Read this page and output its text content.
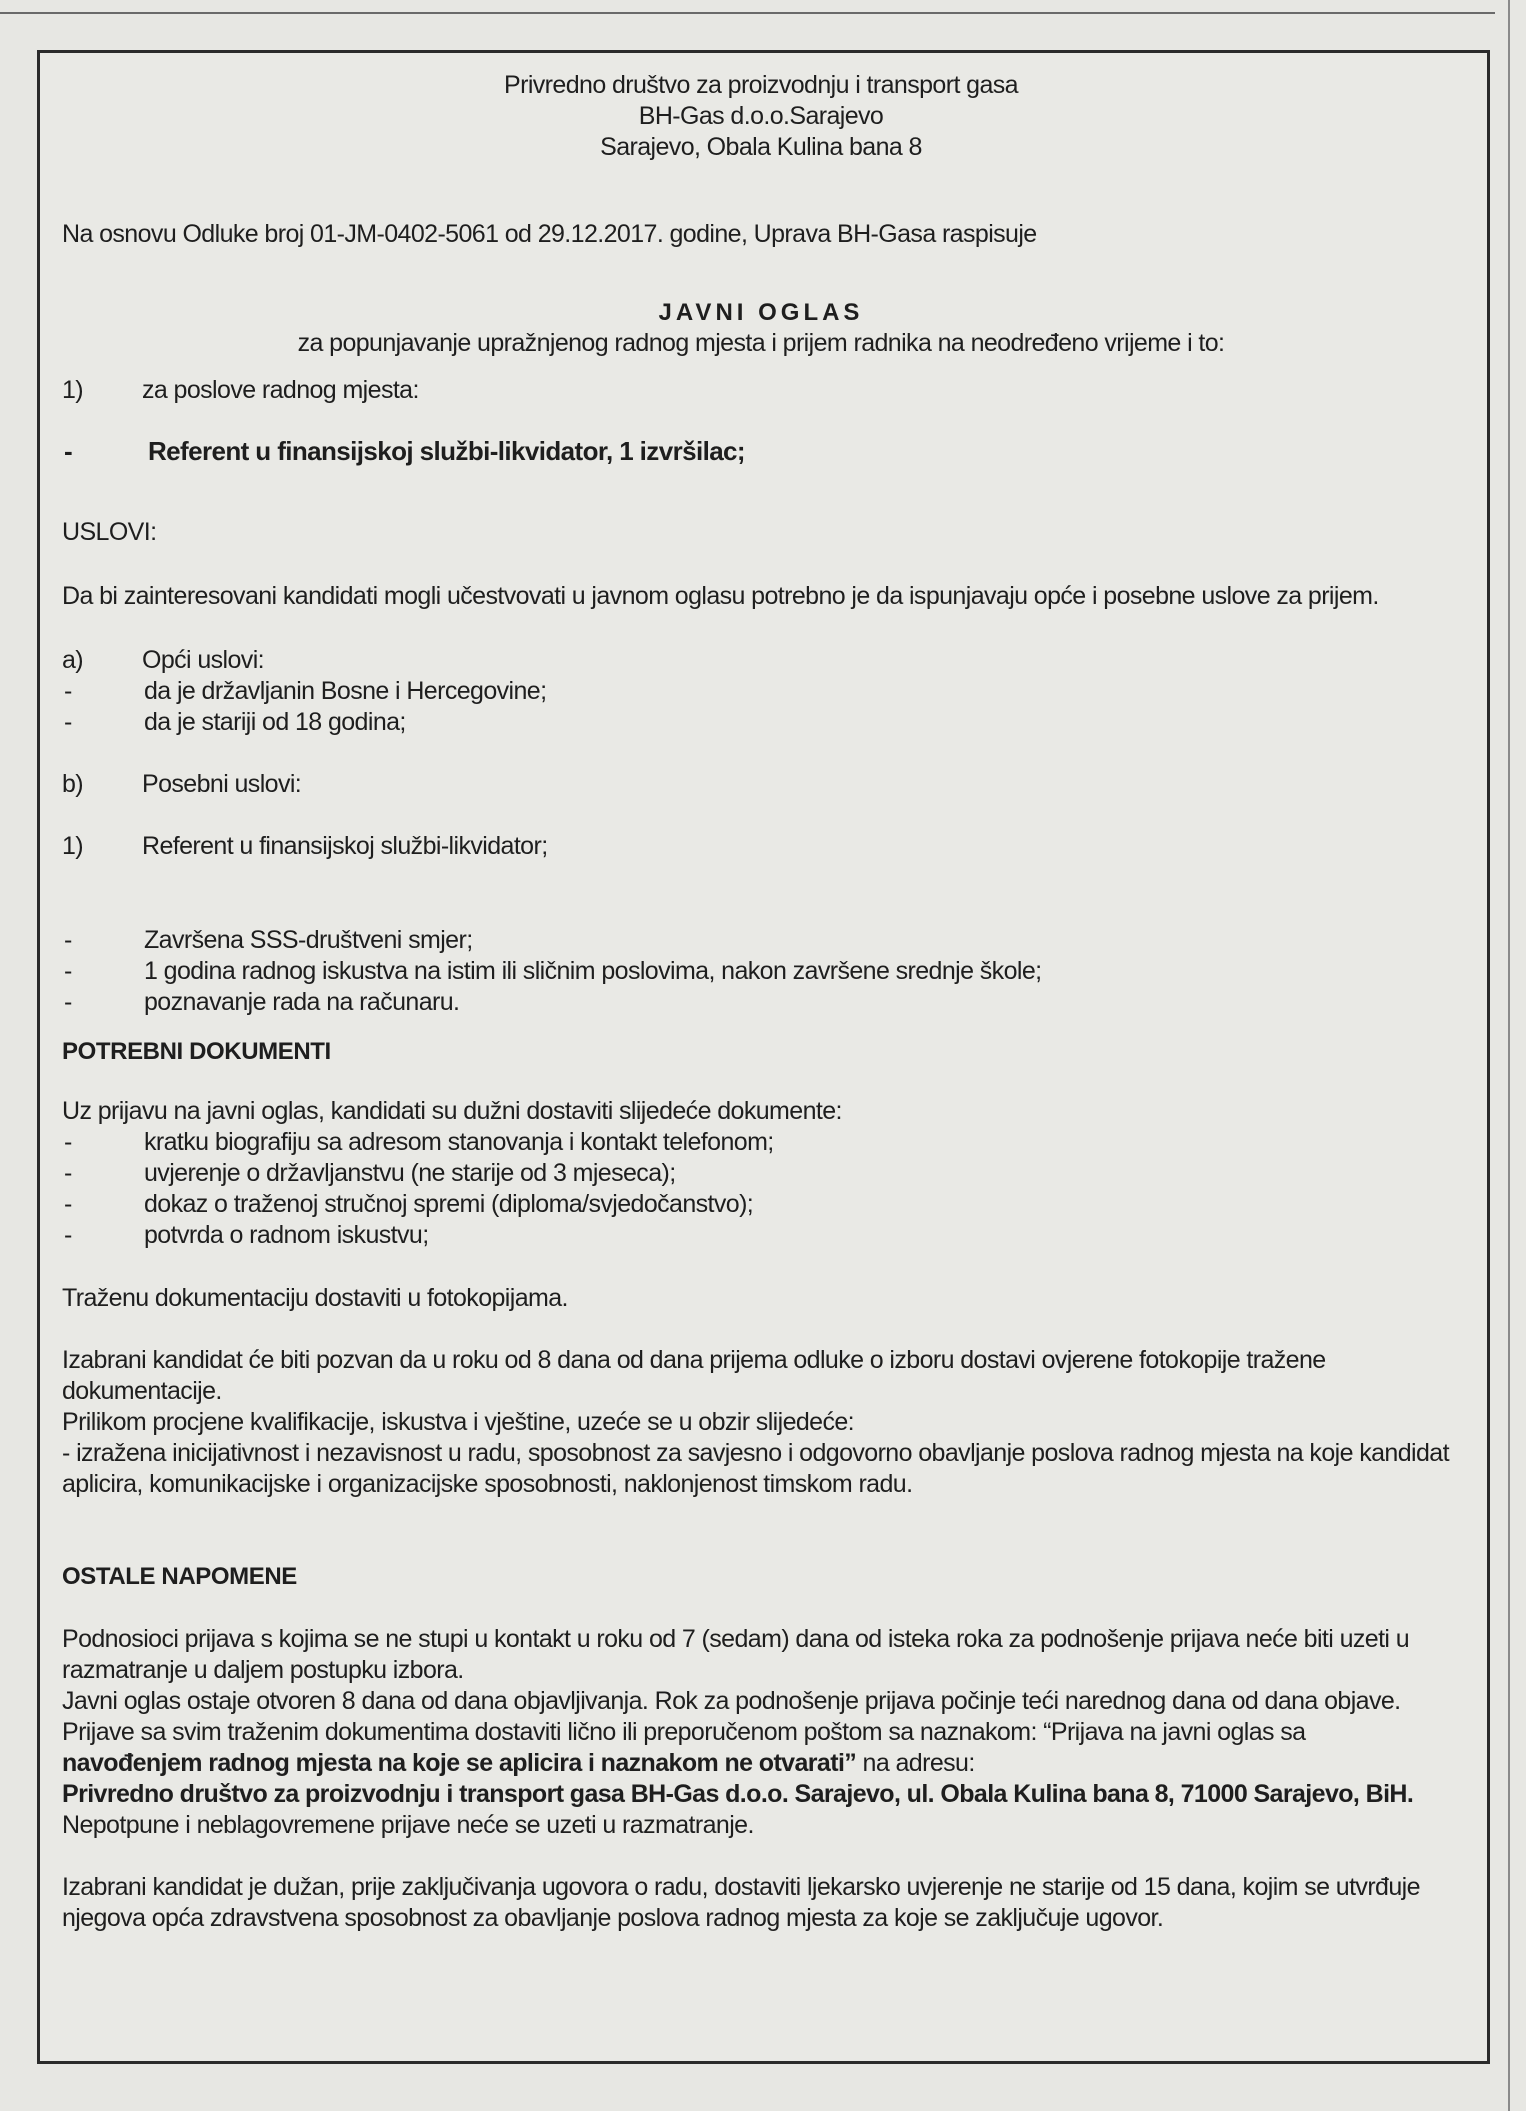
Privredno društvo za proizvodnju i transport gasa

BH-Gas d.o.o.Sarajevo

Sarajevo, Obala Kulina bana 8

Na osnovu Odluke broj 01-JM-0402-5061 od 29.12.2017. godine, Uprava BH-Gasa raspisuje

JAVNI OGLAS

za popunjavanje upražnjenog radnog mjesta i prijem radnika na neodređeno vrijeme i to:

1)	za poslove radnog mjesta:
-	Referent u finansijskoj službi-likvidator, 1 izvršilac;

USLOVI:

Da bi zainteresovani kandidati mogli učestvovati u javnom oglasu potrebno je da ispunjavaju opće i posebne uslove za prijem.

a)	Opći uslovi:
-	da je državljanin Bosne i Hercegovine;
-	da je stariji od 18 godina;
b)	Posebni uslovi:
1)	Referent u finansijskoj službi-likvidator;
-	Završena SSS-društveni smjer;
-	1 godina radnog iskustva na istim ili sličnim poslovima, nakon završene srednje škole;
-	poznavanje rada na računaru.

POTREBNI DOKUMENTI

Uz prijavu na javni oglas, kandidati su dužni dostaviti slijedeće dokumente:

-	kratku biografiju sa adresom stanovanja i kontakt telefonom;
-	uvjerenje o državljanstvu (ne starije od 3 mjeseca);
-	dokaz o traženoj stručnoj spremi (diploma/svjedočanstvo);
-	potvrda o radnom iskustvu;

Traženu dokumentaciju dostaviti u fotokopijama.

Izabrani kandidat će biti pozvan da u roku od 8 dana od dana prijema odluke o izboru dostavi ovjerene fotokopije tražene dokumentacije.

Prilikom procjene kvalifikacije, iskustva i vještine, uzeće se u obzir slijedeće:

- izražena inicijativnost i nezavisnost u radu, sposobnost za savjesno i odgovorno obavljanje poslova radnog mjesta na koje kandidat aplicira, komunikacijske i organizacijske sposobnosti, naklonjenost timskom radu.

OSTALE NAPOMENE

Podnosioci prijava s kojima se ne stupi u kontakt u roku od 7 (sedam) dana od isteka roka za podnošenje prijava neće biti uzeti u razmatranje u daljem postupku izbora.

Javni oglas ostaje otvoren 8 dana od dana objavljivanja. Rok za podnošenje prijava počinje teći narednog dana od dana objave.

Prijave sa svim traženim dokumentima dostaviti lično ili preporučenom poštom sa naznakom: “Prijava na javni oglas sa
navođenjem radnog mjesta na koje se aplicira i naznakom ne otvarati” na adresu:

Privredno društvo za proizvodnju i transport gasa BH-Gas d.o.o. Sarajevo, ul. Obala Kulina bana 8, 71000 Sarajevo, BiH.

Nepotpune i neblagovremene prijave neće se uzeti u razmatranje.

Izabrani kandidat je dužan, prije zaključivanja ugovora o radu, dostaviti ljekarsko uvjerenje ne starije od 15 dana, kojim se utvrđuje njegova opća zdravstvena sposobnost za obavljanje poslova radnog mjesta za koje se zaključuje ugovor.
